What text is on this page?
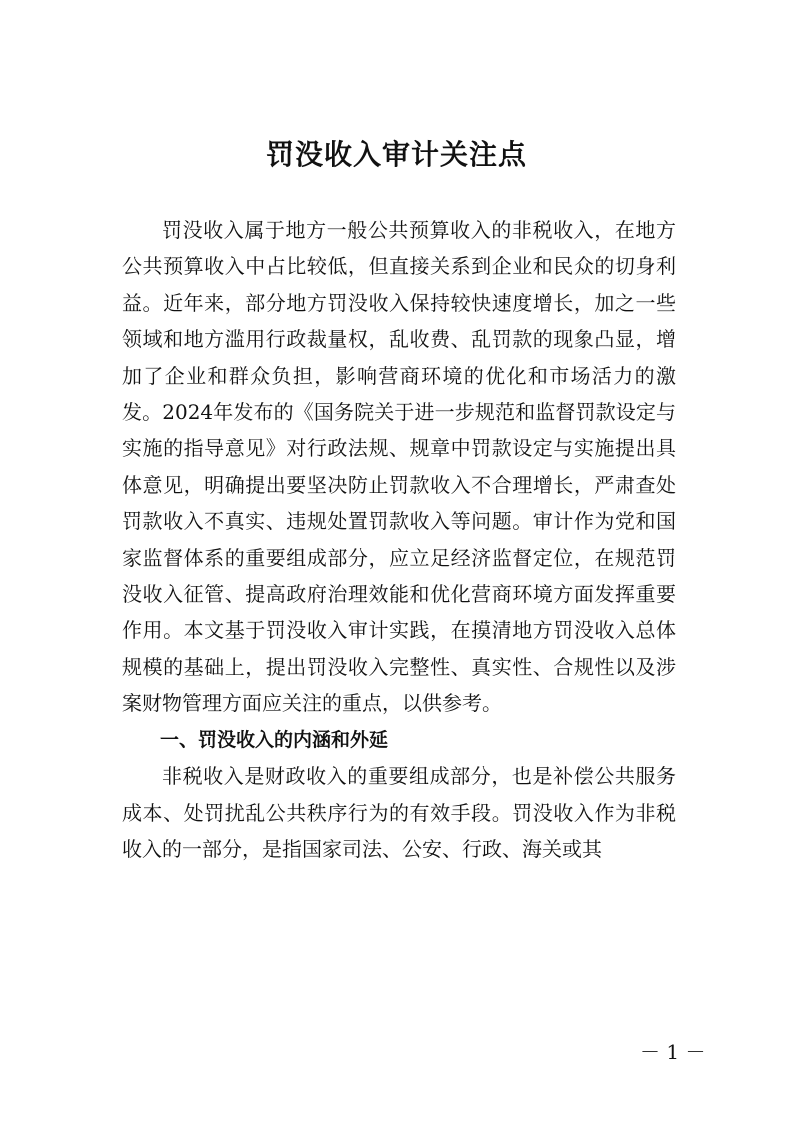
罚没收入审计关注点

罚没收入属于地方一般公共预算收入的非税收入，在地方公共预算收入中占比较低，但直接关系到企业和民众的切身利益。近年来，部分地方罚没收入保持较快速度增长，加之一些领域和地方滥用行政裁量权，乱收费、乱罚款的现象凸显，增加了企业和群众负担，影响营商环境的优化和市场活力的激发。2024年发布的《国务院关于进一步规范和监督罚款设定与实施的指导意见》对行政法规、规章中罚款设定与实施提出具体意见，明确提出要坚决防止罚款收入不合理增长，严肃查处罚款收入不真实、违规处置罚款收入等问题。审计作为党和国家监督体系的重要组成部分，应立足经济监督定位，在规范罚没收入征管、提高政府治理效能和优化营商环境方面发挥重要作用。本文基于罚没收入审计实践，在摸清地方罚没收入总体规模的基础上，提出罚没收入完整性、真实性、合规性以及涉案财物管理方面应关注的重点，以供参考。

一、罚没收入的内涵和外延

非税收入是财政收入的重要组成部分，也是补偿公共服务成本、处罚扰乱公共秩序行为的有效手段。罚没收入作为非税收入的一部分，是指国家司法、公安、行政、海关或其

－ 1 －
